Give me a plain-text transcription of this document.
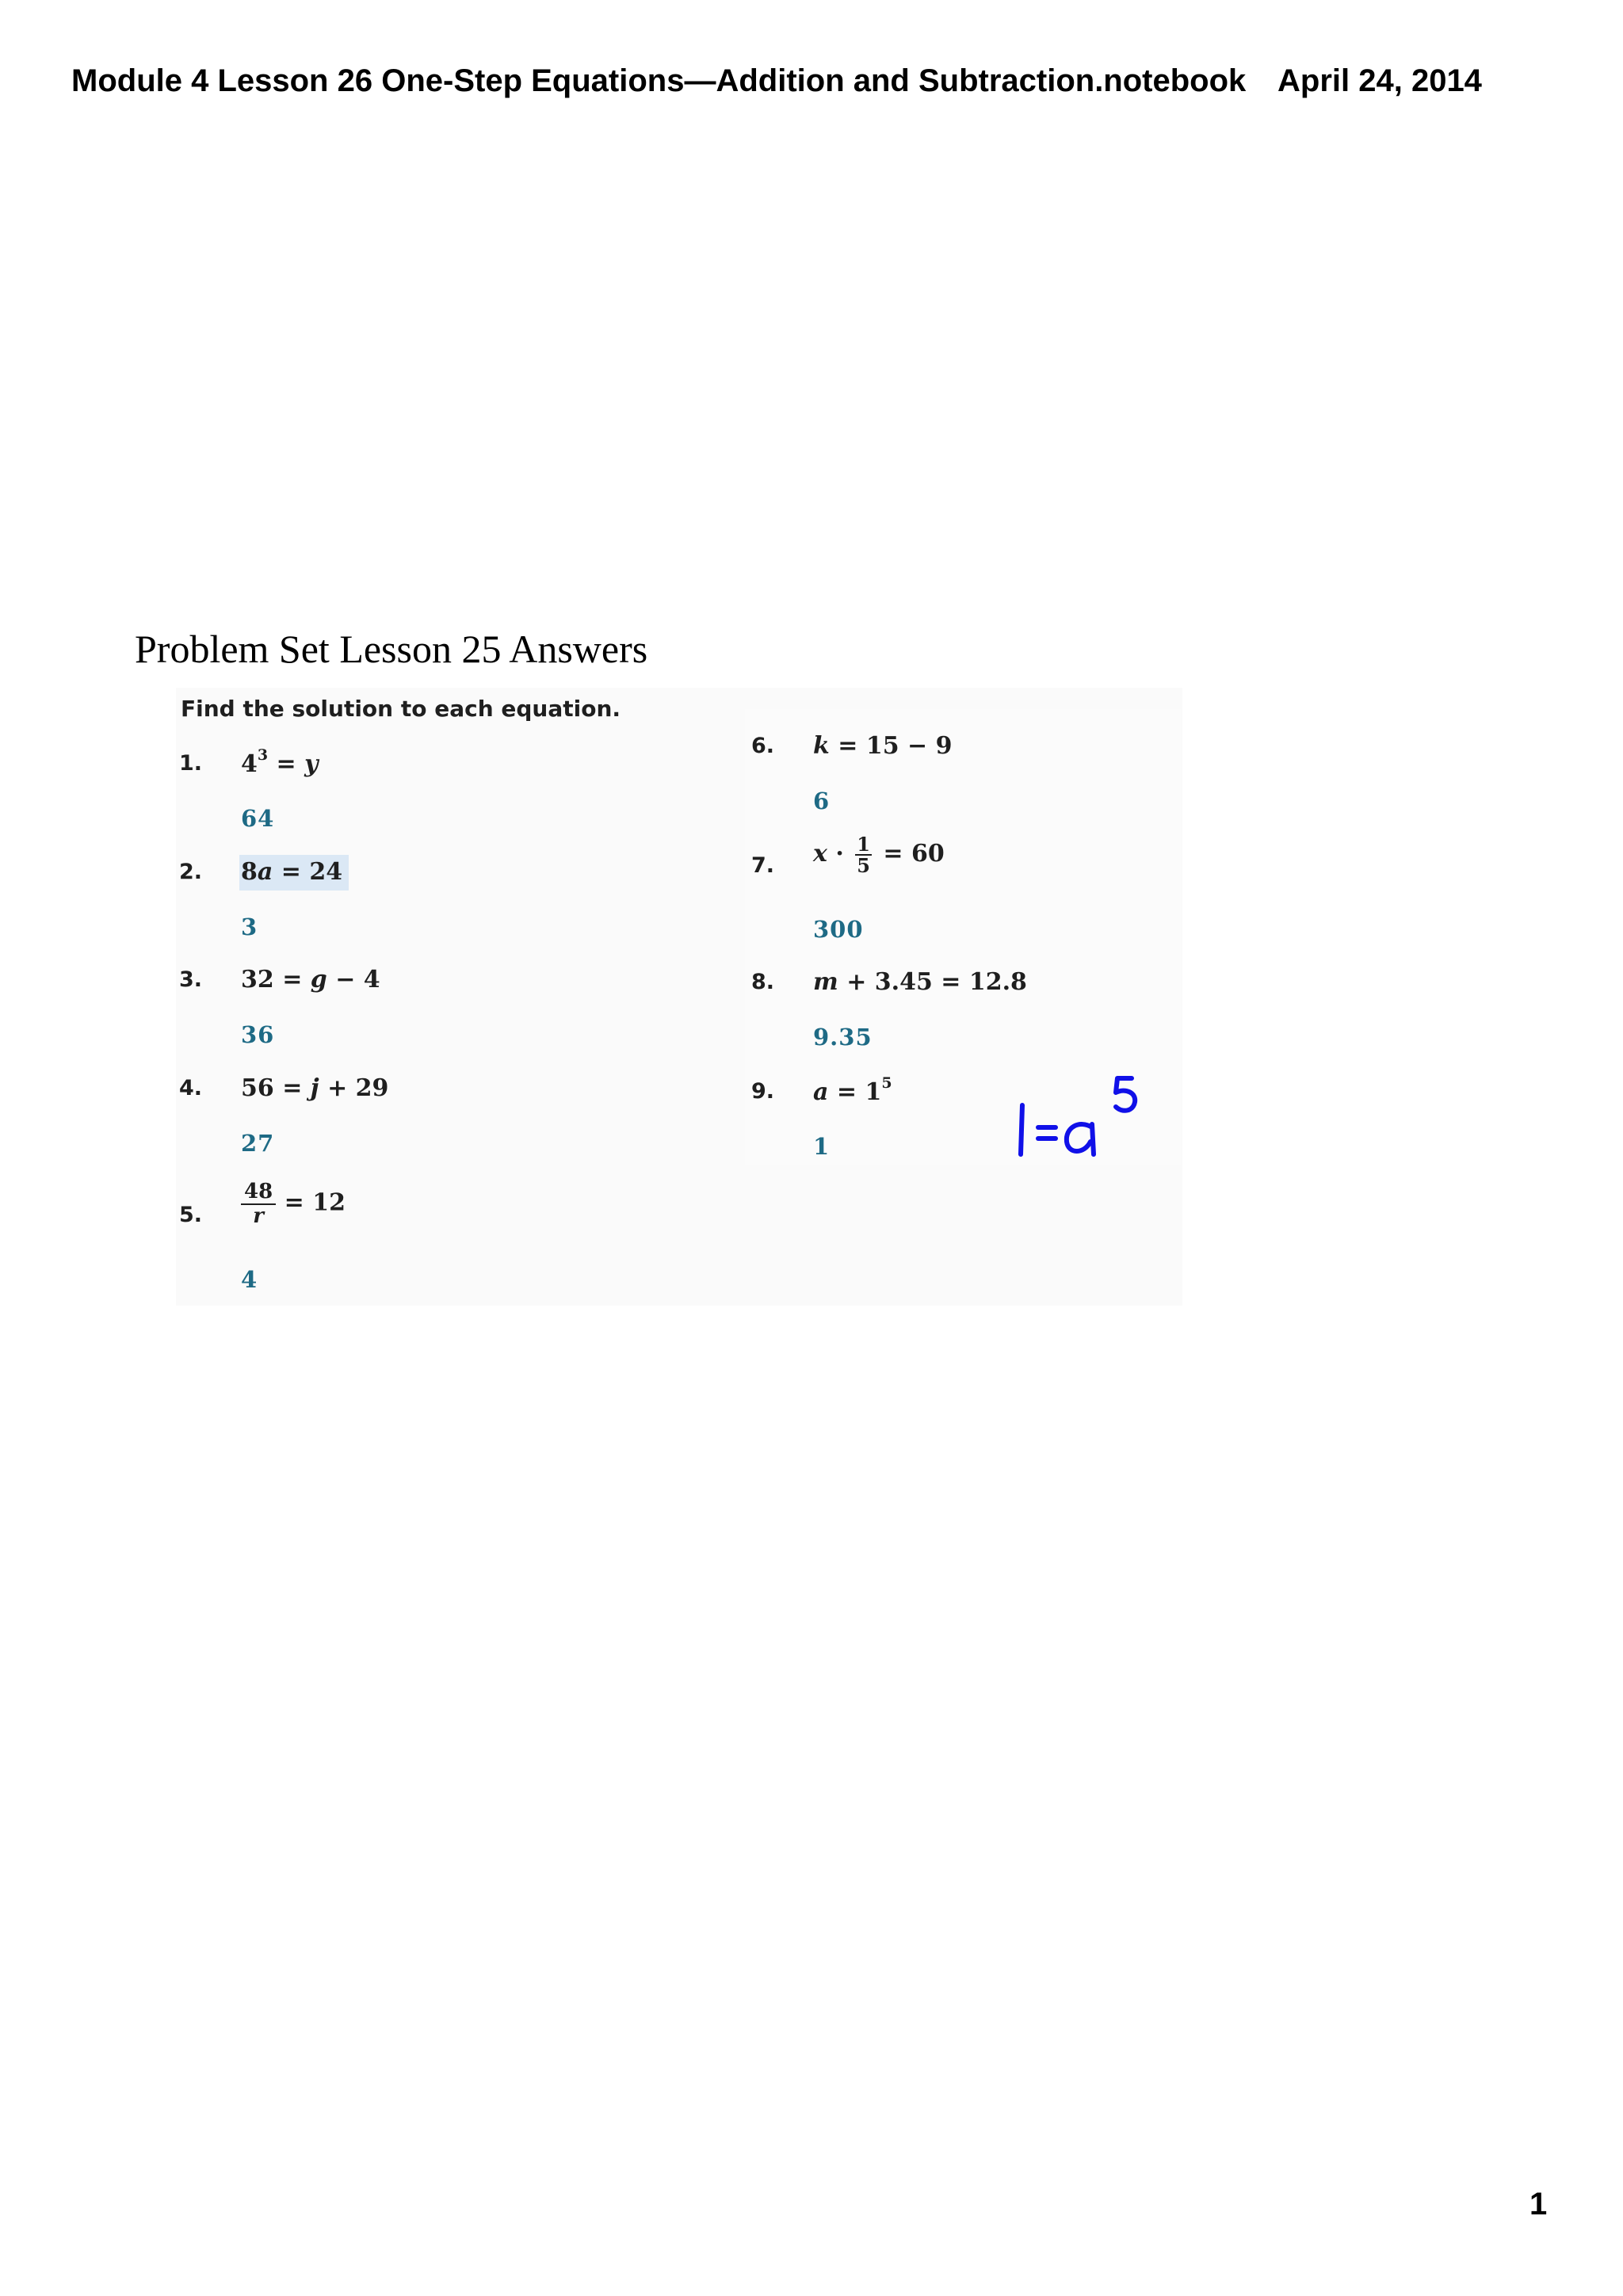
Module 4 Lesson 26 One-Step Equations—Addition and Subtraction.notebook April 24, 2014
Problem Set Lesson 25 Answers
Find the solution to each equation.
1. $4^3 = y$
64
2. 8a = 24
3
3. 32 = g − 4
36
4. 56 = j + 29
27
5. $\frac{48}{r} = 12$
4
6. k = 15 − 9
6
7. $x \cdot \frac{1}{5} = 60$
300
8. m + 3.45 = 12.8
9.35
9. $a = 1^5$
1
1
